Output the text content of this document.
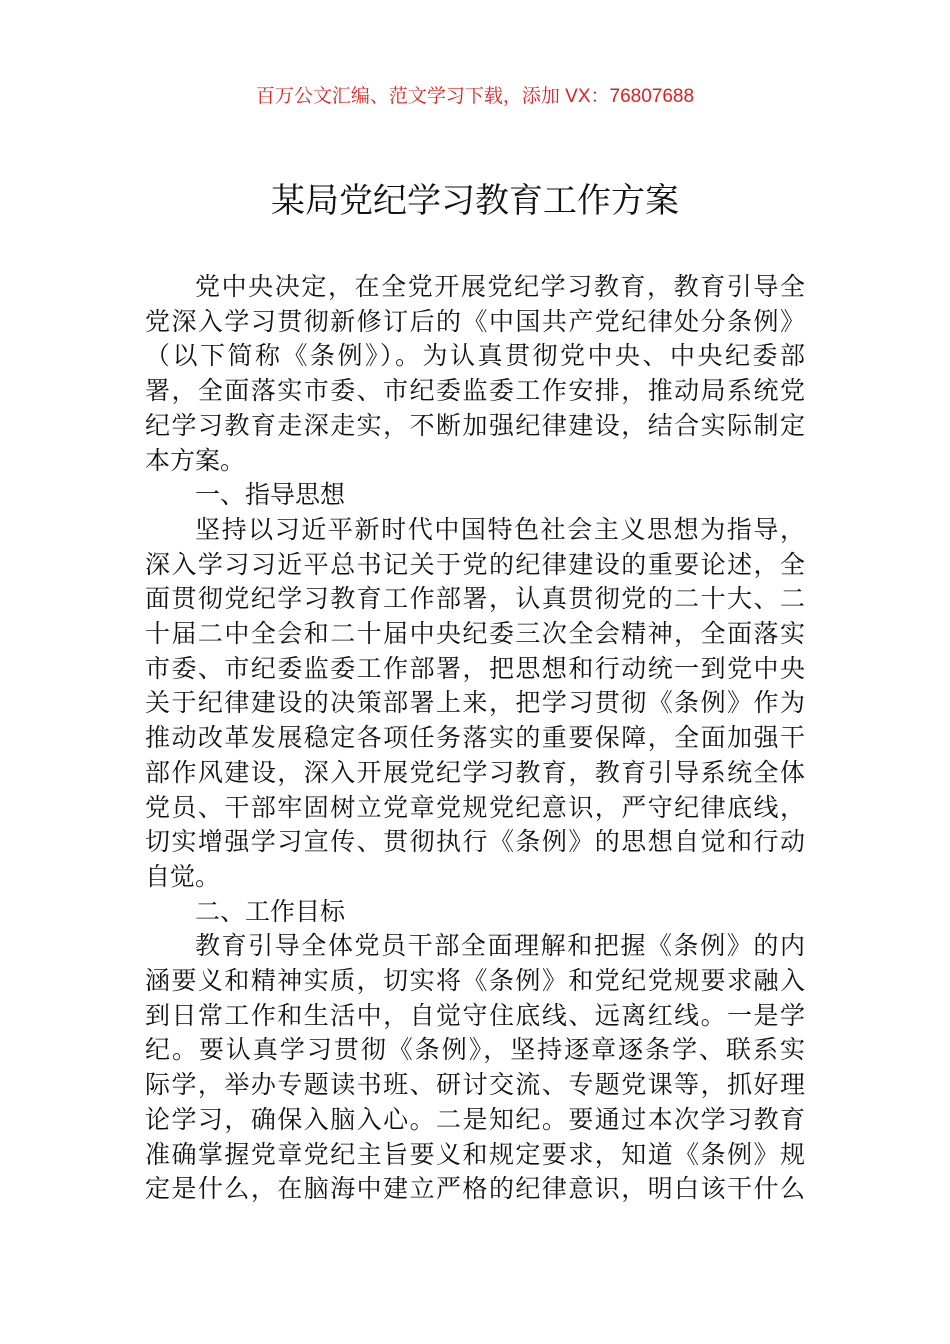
百万公文汇编、范文学习下载，添加 VX：76807688
某局党纪学习教育工作方案
党中央决定，在全党开展党纪学习教育，教育引导全
党深入学习贯彻新修订后的《中国共产党纪律处分条例》
（以下简称《条例》）。为认真贯彻党中央、中央纪委部
署，全面落实市委、市纪委监委工作安排，推动局系统党
纪学习教育走深走实，不断加强纪律建设，结合实际制定
本方案。
一、指导思想
坚持以习近平新时代中国特色社会主义思想为指导，
深入学习习近平总书记关于党的纪律建设的重要论述，全
面贯彻党纪学习教育工作部署，认真贯彻党的二十大、二
十届二中全会和二十届中央纪委三次全会精神，全面落实
市委、市纪委监委工作部署，把思想和行动统一到党中央
关于纪律建设的决策部署上来，把学习贯彻《条例》作为
推动改革发展稳定各项任务落实的重要保障，全面加强干
部作风建设，深入开展党纪学习教育，教育引导系统全体
党员、干部牢固树立党章党规党纪意识，严守纪律底线，
切实增强学习宣传、贯彻执行《条例》的思想自觉和行动
自觉。
二、工作目标
教育引导全体党员干部全面理解和把握《条例》的内
涵要义和精神实质，切实将《条例》和党纪党规要求融入
到日常工作和生活中，自觉守住底线、远离红线。一是学
纪。要认真学习贯彻《条例》，坚持逐章逐条学、联系实
际学，举办专题读书班、研讨交流、专题党课等，抓好理
论学习，确保入脑入心。二是知纪。要通过本次学习教育
准确掌握党章党纪主旨要义和规定要求，知道《条例》规
定是什么，在脑海中建立严格的纪律意识，明白该干什么
